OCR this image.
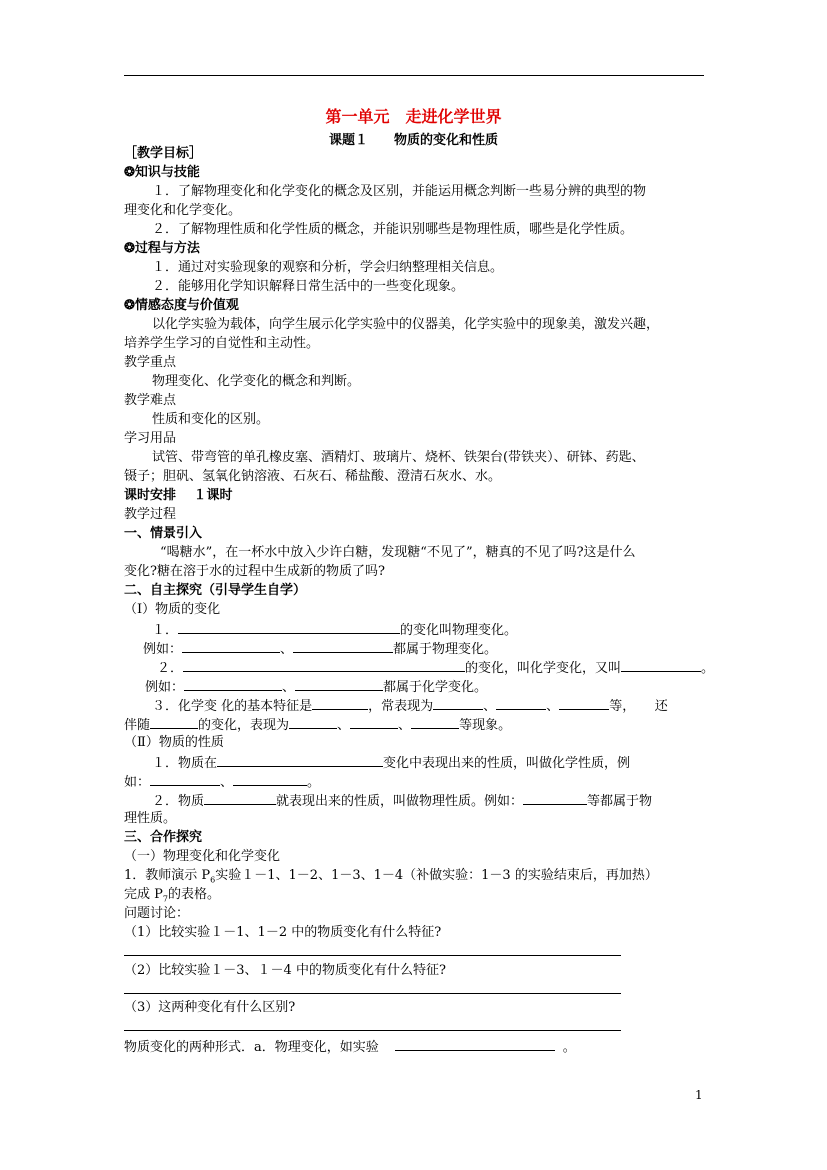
第一单元　走进化学世界
课题１　　物质的变化和性质
［教学目标］
❂知识与技能
１．了解物理变化和化学变化的概念及区别，并能运用概念判断一些易分辨的典型的物
理变化和化学变化。
２．了解物理性质和化学性质的概念，并能识别哪些是物理性质，哪些是化学性质。
❂过程与方法
１．通过对实验现象的观察和分析，学会归纳整理相关信息。
２．能够用化学知识解释日常生活中的一些变化现象。
❂情感态度与价值观
以化学实验为载体，向学生展示化学实验中的仪器美，化学实验中的现象美，激发兴趣，
培养学生学习的自觉性和主动性。
教学重点
物理变化、化学变化的概念和判断。
教学难点
性质和变化的区别。
学习用品
试管、带弯管的单孔橡皮塞、酒精灯、玻璃片、烧杯、铁架台(带铁夹）、研钵、药匙、
镊子；胆矾、氢氧化钠溶液、石灰石、稀盐酸、澄清石灰水、水。
课时安排　 １课时
教学过程
一、情景引入
“喝糖水”，在一杯水中放入少许白糖，发现糖“不见了”，糖真的不见了吗?这是什么
变化?糖在溶于水的过程中生成新的物质了吗?
二、自主探究（引导学生自学）
（I）物质的变化
１．	的变化叫物理变化。
例如：	、	都属于物理变化。
２．	的变化，叫化学变化，又叫	。
例如：	、	都属于化学变化。
３．化学变 化的基本特征是	，常表现为	、	、	等，　　还
伴随	的变化，表现为	、	、	等现象。
（Ⅱ）物质的性质
１．物质在	变化中表现出来的性质，叫做化学性质，例
如：	、	。
２．物质	就表现出来的性质，叫做物理性质。例如：	等都属于物
理性质。
三、合作探究
（一）物理变化和化学变化
1．教师演示 $P_6$实验１－1、1－2、1－3、1－4（补做实验：1－3 的实验结束后，再加热）
完成 $P_7$的表格。
问题讨论：
（1）比较实验１－1、1－2 中的物质变化有什么特征?
（2）比较实验１－3、１－4 中的物质变化有什么特征?
（3）这两种变化有什么区别?
物质变化的两种形式．a．物理变化，如实验	。
1
